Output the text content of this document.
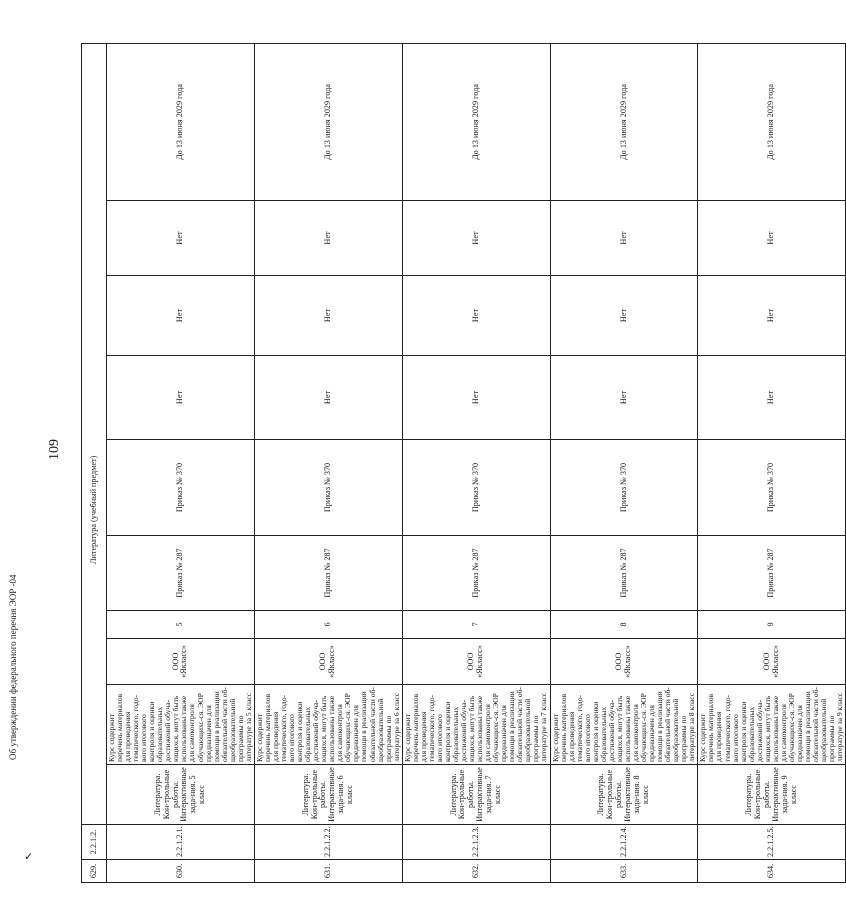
109
✓
Об утверждении федерального перечня ЭОР -04
629.	2.2.1.2.	Литература (учебный предмет)									
630.	2.2.1.2.1.	Литература. Кон-трольные работы. Интерактивные зада-ния. 5 класс	Курс содержит перечень материалов для проведения тематического, годо-вого итогового контроля и оценки образовательных достижений обуча-ющихся, могут быть использованы также для самоконтроля обучающихс-ся. ЭОР предназначен для помощи в реализации обязательной части об-щеобразовательной программы по литературе за 5 класс	ООО «Якласс»	5	Приказ № 287	Приказ № 370	Нет	Нет	Нет	До 13 июня 2029 года
631.	2.2.1.2.2.	Литература. Кон-трольные работы. Интерактивные зада-ния. 6 класс	Курс содержит перечень материалов для проведения тематического, годо-вого итогового контроля и оценки образовательных достижений обуча-ющихся, могут быть использованы также для самоконтроля обучающихс-ся. ЭОР предназначен для помощи в реализации обязательной части об-щеобразовательной программы по литературе за 6 класс	ООО «Якласс»	6	Приказ № 287	Приказ № 370	Нет	Нет	Нет	До 13 июня 2029 года
632.	2.2.1.2.3.	Литература. Кон-трольные работы. Интерактивные зада-ния. 7 класс	Курс содержит перечень материалов для проведения тематического, годо-вого итогового контроля и оценки образовательных достижений обуча-ющихся, могут быть использованы также для самоконтроля обучающихс-ся. ЭОР предназначен для помощи в реализации обязательной части об-щеобразовательной программы по литературе за 7 класс	ООО «Якласс»	7	Приказ № 287	Приказ № 370	Нет	Нет	Нет	До 13 июня 2029 года
633.	2.2.1.2.4.	Литература. Кон-трольные работы. Интерактивные зада-ния. 8 класс	Курс содержит перечень материалов для проведения тематического, годо-вого итогового контроля и оценки образовательных достижений обуча-ющихся, могут быть использованы также для самоконтроля обучающихс-ся. ЭОР предназначен для помощи в реализации обязательной части об-щеобразовательной программы по литературе за 8 класс	ООО «Якласс»	8	Приказ № 287	Приказ № 370	Нет	Нет	Нет	До 13 июня 2029 года
634.	2.2.1.2.5.	Литература. Кон-трольные работы. Интерактивные зада-ния. 9 класс	Курс содержит перечень материалов для проведения тематического, годо-вого итогового контроля и оценки образовательных достижений обуча-ющихся, могут быть использованы также для самоконтроля обучающихс-ся. ЭОР предназначен для помощи в реализации обязательной части об-щеобразовательной программы по литературе за 9 класс	ООО «Якласс»	9	Приказ № 287	Приказ № 370	Нет	Нет	Нет	До 13 июня 2029 года
